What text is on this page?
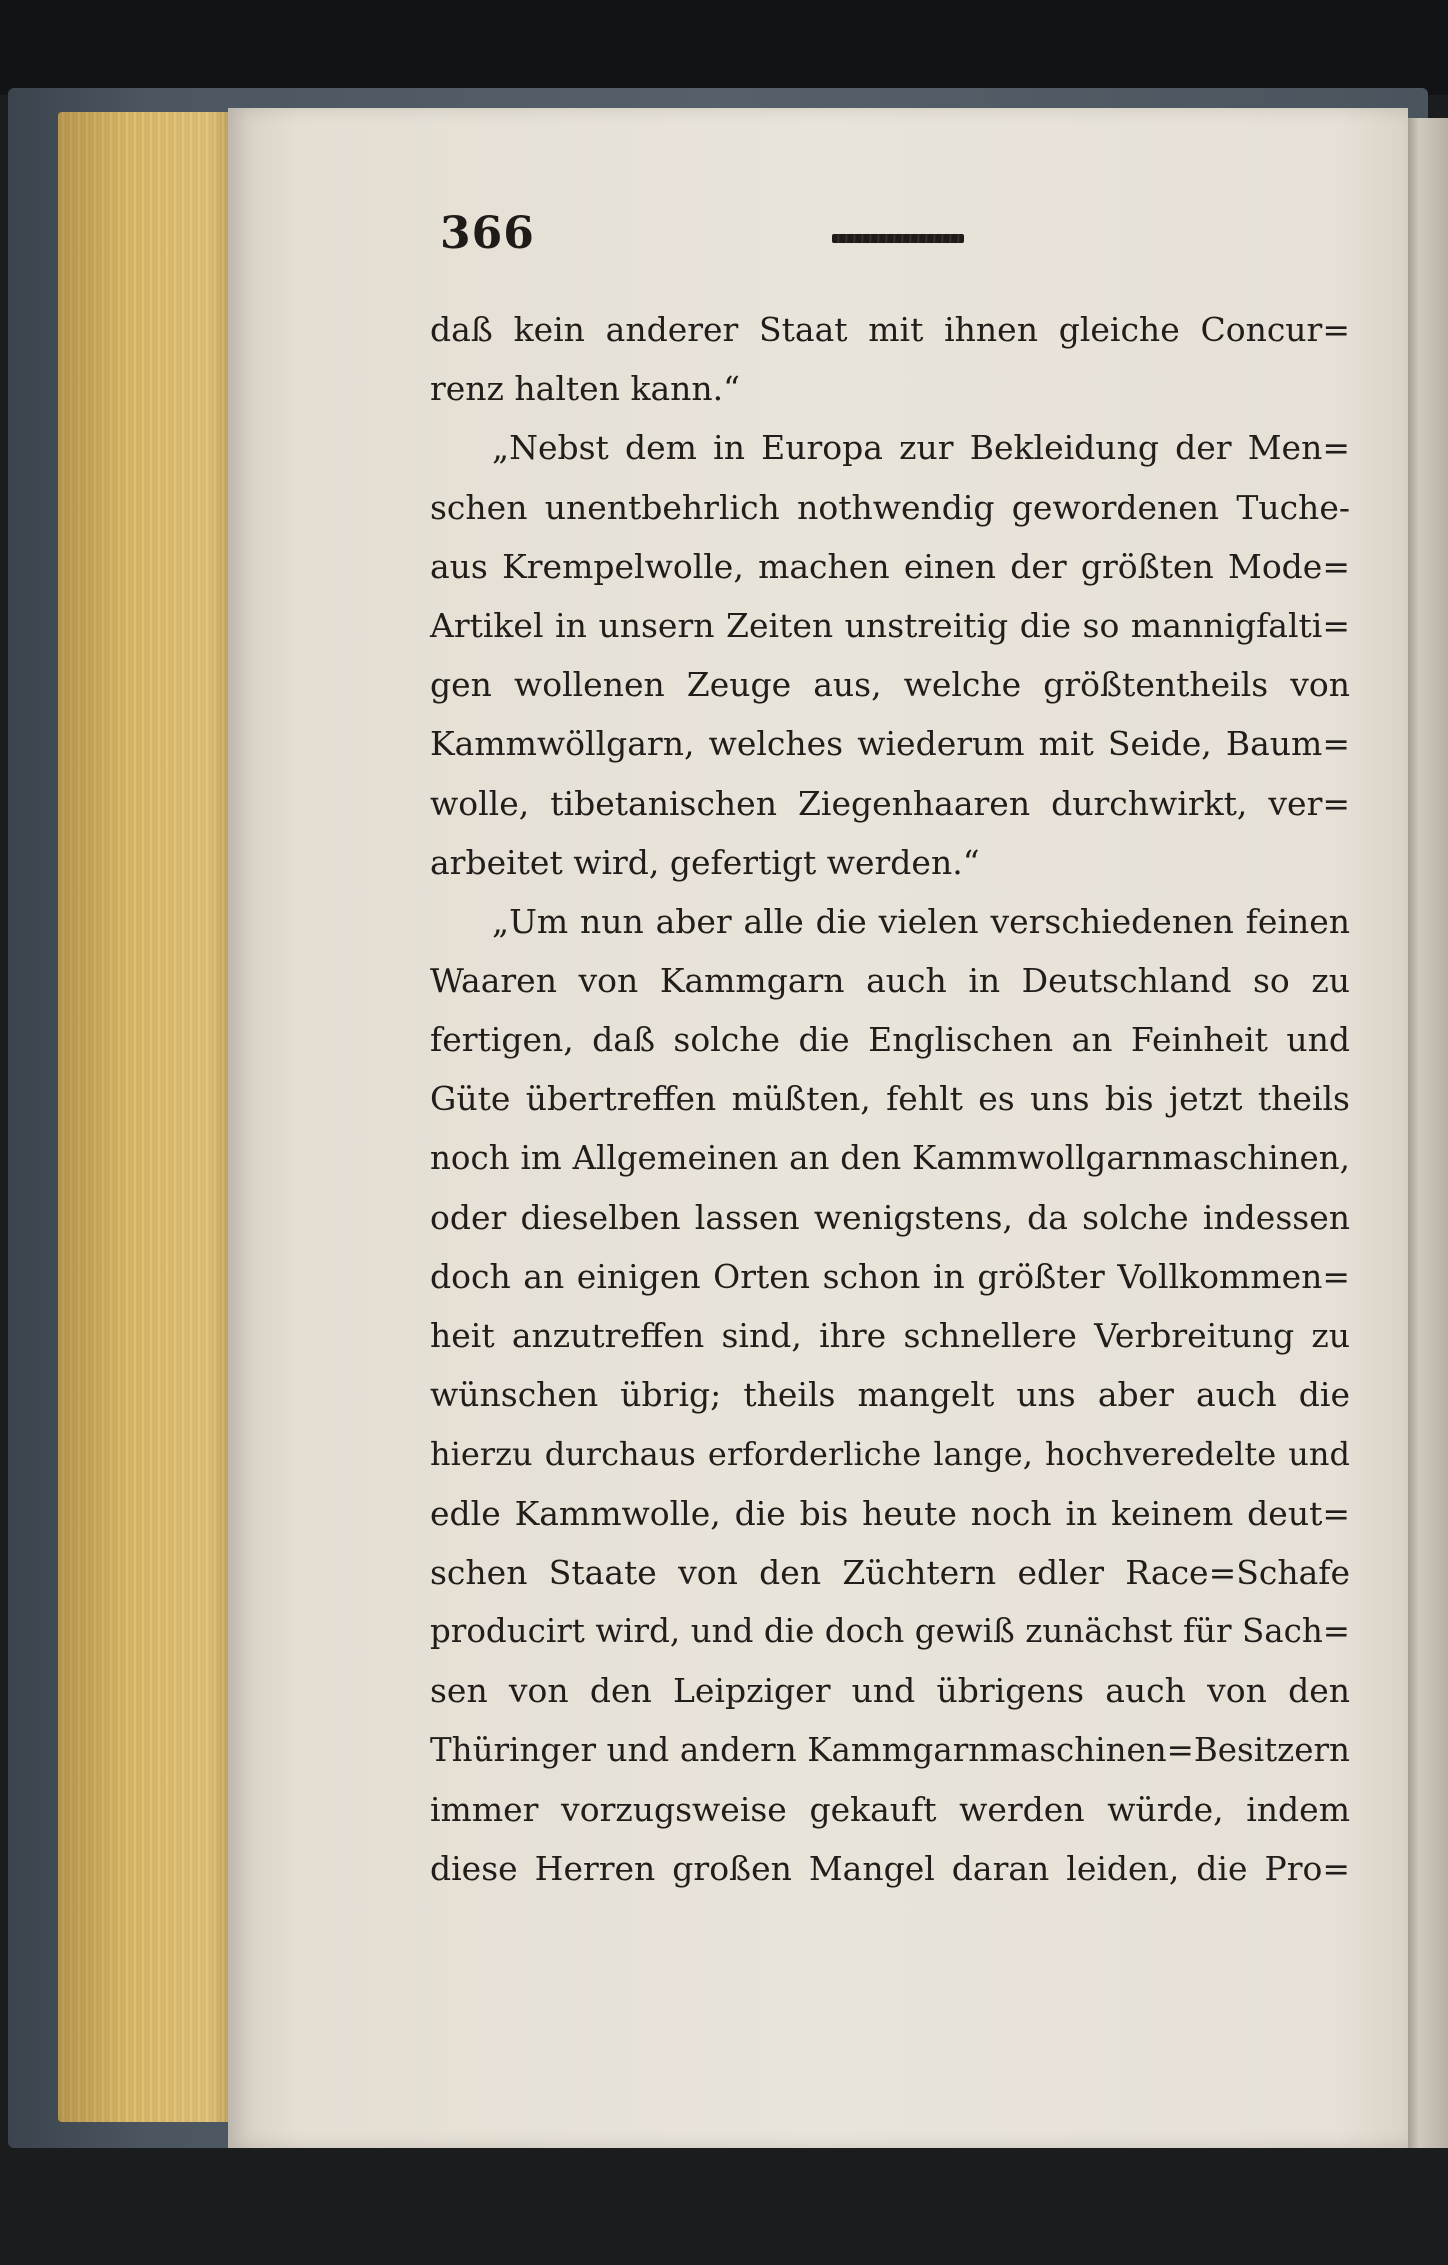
366
daß kein anderer Staat mit ihnen gleiche Concur=
renz halten kann.“
„Nebst dem in Europa zur Bekleidung der Men=
schen unentbehrlich nothwendig gewordenen Tuche-
aus Krempelwolle, machen einen der größten Mode=
Artikel in unsern Zeiten unstreitig die so mannigfalti=
gen wollenen Zeuge aus, welche größtentheils von
Kammwöllgarn, welches wiederum mit Seide, Baum=
wolle, tibetanischen Ziegenhaaren durchwirkt, ver=
arbeitet wird, gefertigt werden.“
„Um nun aber alle die vielen verschiedenen feinen
Waaren von Kammgarn auch in Deutschland so zu
fertigen, daß solche die Englischen an Feinheit und
Güte übertreffen müßten, fehlt es uns bis jetzt theils
noch im Allgemeinen an den Kammwollgarnmaschinen,
oder dieselben lassen wenigstens, da solche indessen
doch an einigen Orten schon in größter Vollkommen=
heit anzutreffen sind, ihre schnellere Verbreitung zu
wünschen übrig; theils mangelt uns aber auch die
hierzu durchaus erforderliche lange, hochveredelte und
edle Kammwolle, die bis heute noch in keinem deut=
schen Staate von den Züchtern edler Race=Schafe
producirt wird, und die doch gewiß zunächst für Sach=
sen von den Leipziger und übrigens auch von den
Thüringer und andern Kammgarnmaschinen=Besitzern
immer vorzugsweise gekauft werden würde, indem
diese Herren großen Mangel daran leiden, die Pro=
